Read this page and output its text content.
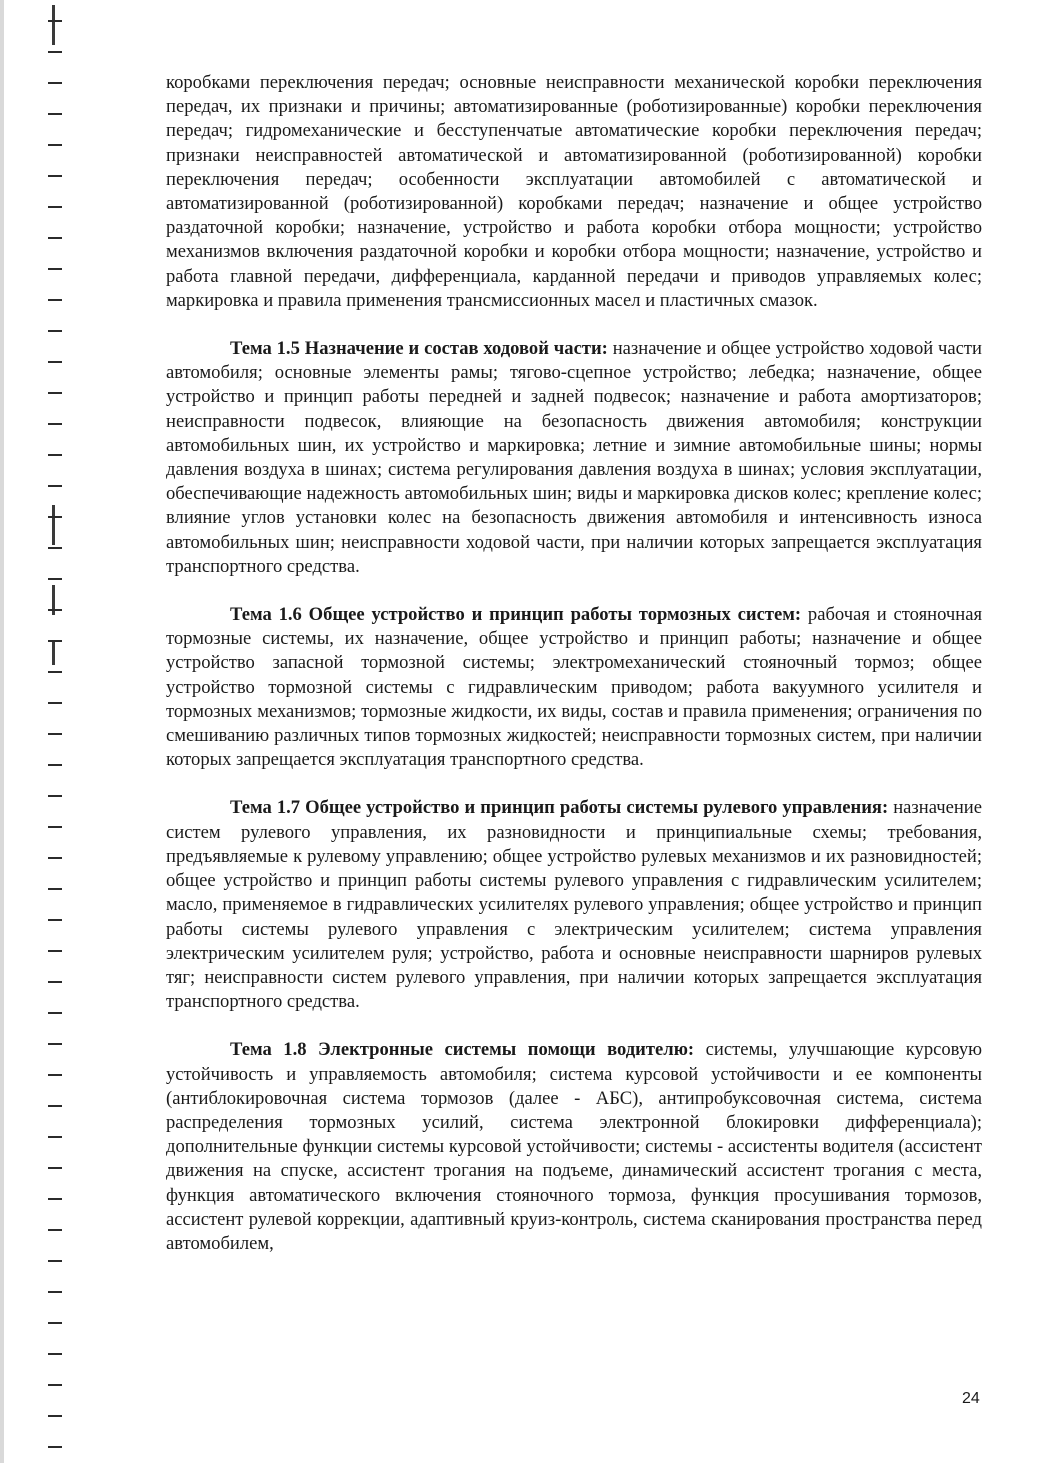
коробками переключения передач; основные неисправности механической коробки переключения передач, их признаки и причины; автоматизированные (роботизированные) коробки переключения передач; гидромеханические и бесступенчатые автоматические коробки переключения передач; признаки неисправностей автоматической и автоматизированной (роботизированной) коробки переключения передач; особенности эксплуатации автомобилей с автоматической и автоматизированной (роботизированной) коробками передач; назначение и общее устройство раздаточной коробки; назначение, устройство и работа коробки отбора мощности; устройство механизмов включения раздаточной коробки и коробки отбора мощности; назначение, устройство и работа главной передачи, дифференциала, карданной передачи и приводов управляемых колес; маркировка и правила применения трансмиссионных масел и пластичных смазок.

Тема 1.5 Назначение и состав ходовой части: назначение и общее устройство ходовой части автомобиля; основные элементы рамы; тягово-сцепное устройство; лебедка; назначение, общее устройство и принцип работы передней и задней подвесок; назначение и работа амортизаторов; неисправности подвесок, влияющие на безопасность движения автомобиля; конструкции автомобильных шин, их устройство и маркировка; летние и зимние автомобильные шины; нормы давления воздуха в шинах; система регулирования давления воздуха в шинах; условия эксплуатации, обеспечивающие надежность автомобильных шин; виды и маркировка дисков колес; крепление колес; влияние углов установки колес на безопасность движения автомобиля и интенсивность износа автомобильных шин; неисправности ходовой части, при наличии которых запрещается эксплуатация транспортного средства.

Тема 1.6 Общее устройство и принцип работы тормозных систем: рабочая и стояночная тормозные системы, их назначение, общее устройство и принцип работы; назначение и общее устройство запасной тормозной системы; электромеханический стояночный тормоз; общее устройство тормозной системы с гидравлическим приводом; работа вакуумного усилителя и тормозных механизмов; тормозные жидкости, их виды, состав и правила применения; ограничения по смешиванию различных типов тормозных жидкостей; неисправности тормозных систем, при наличии которых запрещается эксплуатация транспортного средства.

Тема 1.7 Общее устройство и принцип работы системы рулевого управления: назначение систем рулевого управления, их разновидности и принципиальные схемы; требования, предъявляемые к рулевому управлению; общее устройство рулевых механизмов и их разновидностей; общее устройство и принцип работы системы рулевого управления с гидравлическим усилителем; масло, применяемое в гидравлических усилителях рулевого управления; общее устройство и принцип работы системы рулевого управления с электрическим усилителем; система управления электрическим усилителем руля; устройство, работа и основные неисправности шарниров рулевых тяг; неисправности систем рулевого управления, при наличии которых запрещается эксплуатация транспортного средства.

Тема 1.8 Электронные системы помощи водителю: системы, улучшающие курсовую устойчивость и управляемость автомобиля; система курсовой устойчивости и ее компоненты (антиблокировочная система тормозов (далее - АБС), антипробуксовочная система, система распределения тормозных усилий, система электронной блокировки дифференциала); дополнительные функции системы курсовой устойчивости; системы - ассистенты водителя (ассистент движения на спуске, ассистент трогания на подъеме, динамический ассистент трогания с места, функция автоматического включения стояночного тормоза, функция просушивания тормозов, ассистент рулевой коррекции, адаптивный круиз-контроль, система сканирования пространства перед автомобилем,

24
